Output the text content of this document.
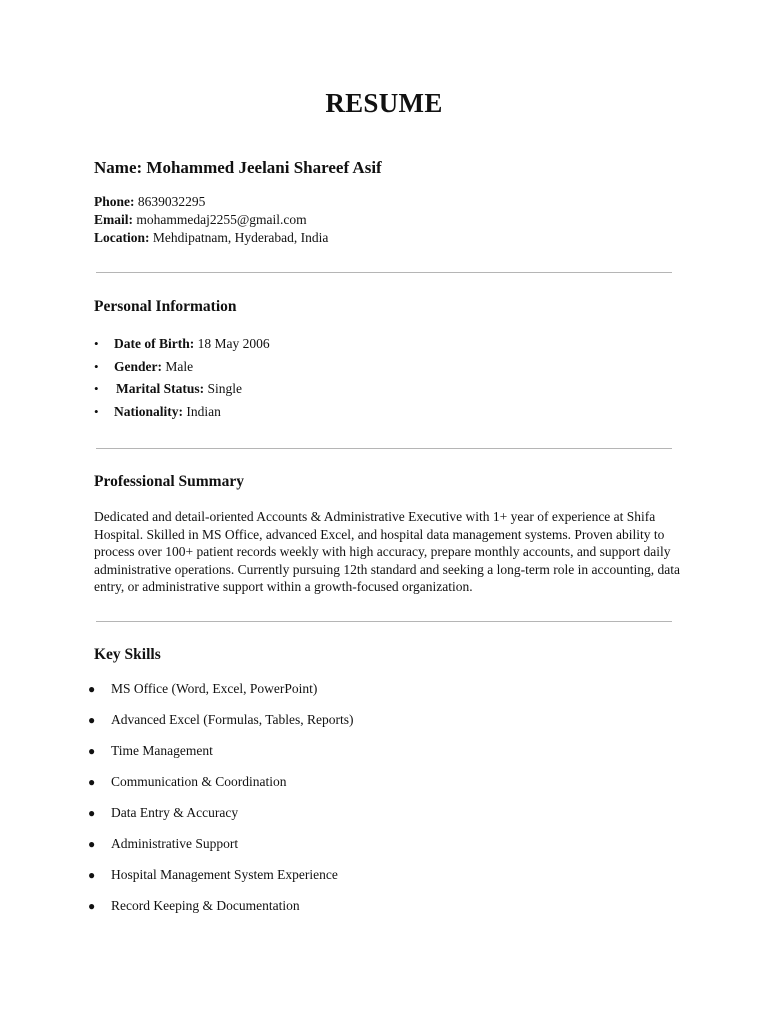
RESUME
Name: Mohammed Jeelani Shareef Asif
Phone: 8639032295
Email: mohammedaj2255@gmail.com
Location: Mehdipatnam, Hyderabad, India
Personal Information
• Date of Birth: 18 May 2006
• Gender: Male
• Marital Status: Single
• Nationality: Indian
Professional Summary

Dedicated and detail-oriented Accounts & Administrative Executive with 1+ year of experience at Shifa Hospital. Skilled in MS Office, advanced Excel, and hospital data management systems. Proven ability to process over 100+ patient records weekly with high accuracy, prepare monthly accounts, and support daily administrative operations. Currently pursuing 12th standard and seeking a long-term role in accounting, data entry, or administrative support within a growth-focused organization.

Key Skills
● MS Office (Word, Excel, PowerPoint)
● Advanced Excel (Formulas, Tables, Reports)
● Time Management
● Communication & Coordination
● Data Entry & Accuracy
● Administrative Support
● Hospital Management System Experience
● Record Keeping & Documentation
